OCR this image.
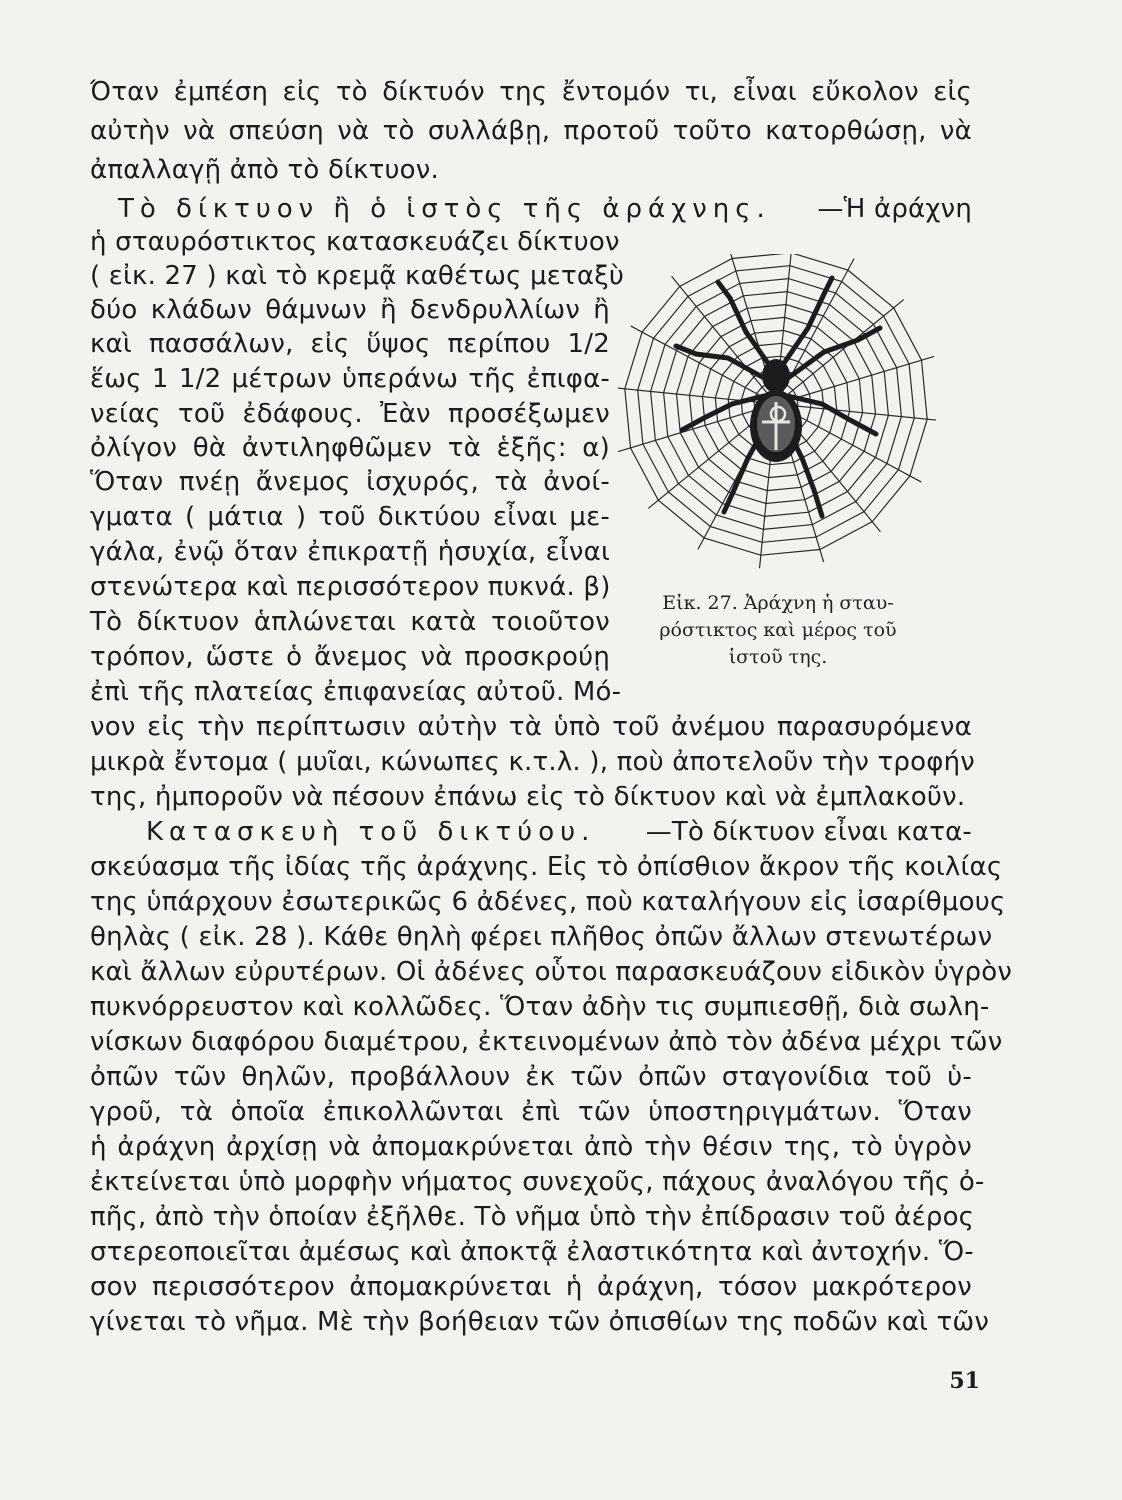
Όταν ἐμπέση εἰς τὸ δίκτυόν της ἔντομόν τι, εἶναι εὔκολον εἰς
αὐτὴν νὰ σπεύση νὰ τὸ συλλάβῃ, προτοῦ τοῦτο κατορθώσῃ, νὰ
ἀπαλλαγῇ ἀπὸ τὸ δίκτυον.
Τὸ δίκτυον ἢ ὁ ἱστὸς τῆς ἀράχνης. —Ἡ ἀράχνη
ἡ σταυρόστικτος κατασκευάζει δίκτυον
( εἰκ. 27 ) καὶ τὸ κρεμᾷ καθέτως μεταξὺ
δύο κλάδων θάμνων ἢ δενδρυλλίων ἢ
καὶ πασσάλων, εἰς ὕψος περίπου 1/2
ἕως 1 1/2 μέτρων ὑπεράνω τῆς ἐπιφα-
νείας τοῦ ἐδάφους. Ἐὰν προσέξωμεν
ὀλίγον θὰ ἀντιληφθῶμεν τὰ ἑξῆς: α)
Ὅταν πνέῃ ἄνεμος ἰσχυρός, τὰ ἀνοί-
γματα ( μάτια ) τοῦ δικτύου εἶναι με-
γάλα, ἐνῷ ὅταν ἐπικρατῇ ἡσυχία, εἶναι
στενώτερα καὶ περισσότερον πυκνά. β)
Τὸ δίκτυον ἁπλώνεται κατὰ τοιοῦτον
τρόπον, ὥστε ὁ ἄνεμος νὰ προσκρούῃ
ἐπὶ τῆς πλατείας ἐπιφανείας αὐτοῦ. Μό-
νον εἰς τὴν περίπτωσιν αὐτὴν τὰ ὑπὸ τοῦ ἀνέμου παρασυρόμενα
μικρὰ ἔντομα ( μυῖαι, κώνωπες κ.τ.λ. ), ποὺ ἀποτελοῦν τὴν τροφήν
της, ἠμποροῦν νὰ πέσουν ἐπάνω εἰς τὸ δίκτυον καὶ νὰ ἐμπλακοῦν.
Κατασκευὴ τοῦ δικτύου. —Τὸ δίκτυον εἶναι κατα-
σκεύασμα τῆς ἰδίας τῆς ἀράχνης. Εἰς τὸ ὀπίσθιον ἄκρον τῆς κοιλίας
της ὑπάρχουν ἐσωτερικῶς 6 ἀδένες, ποὺ καταλήγουν εἰς ἰσαρίθμους
θηλὰς ( εἰκ. 28 ). Κάθε θηλὴ φέρει πλῆθος ὀπῶν ἄλλων στενωτέρων
καὶ ἄλλων εὐρυτέρων. Οἱ ἀδένες οὗτοι παρασκευάζουν εἰδικὸν ὑγρὸν
πυκνόρρευστον καὶ κολλῶδες. Ὅταν ἀδὴν τις συμπιεσθῇ, διὰ σωλη-
νίσκων διαφόρου διαμέτρου, ἐκτεινομένων ἀπὸ τὸν ἀδένα μέχρι τῶν
ὀπῶν τῶν θηλῶν, προβάλλουν ἐκ τῶν ὀπῶν σταγονίδια τοῦ ὑ-
γροῦ, τὰ ὁποῖα ἐπικολλῶνται ἐπὶ τῶν ὑποστηριγμάτων. Ὅταν
ἡ ἀράχνη ἀρχίσῃ νὰ ἀπομακρύνεται ἀπὸ τὴν θέσιν της, τὸ ὑγρὸν
ἐκτείνεται ὑπὸ μορφὴν νήματος συνεχοῦς, πάχους ἀναλόγου τῆς ὀ-
πῆς, ἀπὸ τὴν ὁποίαν ἐξῆλθε. Τὸ νῆμα ὑπὸ τὴν ἐπίδρασιν τοῦ ἀέρος
στερεοποιεῖται ἀμέσως καὶ ἀποκτᾷ ἐλαστικότητα καὶ ἀντοχήν. Ὅ-
σον περισσότερον ἀπομακρύνεται ἡ ἀράχνη, τόσον μακρότερον
γίνεται τὸ νῆμα. Μὲ τὴν βοήθειαν τῶν ὀπισθίων της ποδῶν καὶ τῶν
Εἰκ. 27. Ἀράχνη ἡ σταυ-
ρόστικτος καὶ μέρος τοῦ
ἱστοῦ της.
51
